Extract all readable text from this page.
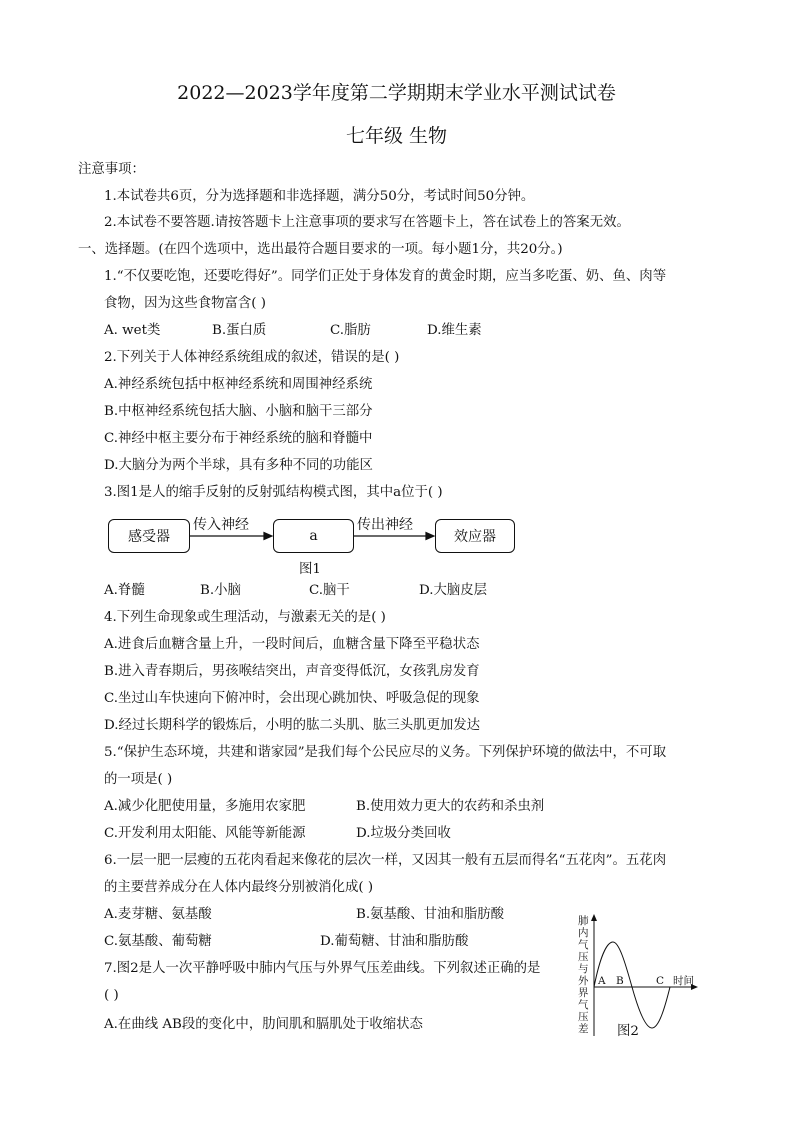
2022—2023学年度第二学期期末学业水平测试试卷
七年级 生物
注意事项：
1.本试卷共6页，分为选择题和非选择题，满分50分，考试时间50分钟。
2.本试卷不要答题.请按答题卡上注意事项的要求写在答题卡上，答在试卷上的答案无效。
一、选择题。(在四个选项中，选出最符合题目要求的一项。每小题1分，共20分。)
1.“不仅要吃饱，还要吃得好”。同学们正处于身体发育的黄金时期，应当多吃蛋、奶、鱼、肉等
食物，因为这些食物富含( )
A. wet类	B.蛋白质	C.脂肪	D.维生素
2.下列关于人体神经系统组成的叙述，错误的是( )
A.神经系统包括中枢神经系统和周围神经系统
B.中枢神经系统包括大脑、小脑和脑干三部分
C.神经中枢主要分布于神经系统的脑和脊髓中
D.大脑分为两个半球，具有多种不同的功能区
3.图1是人的缩手反射的反射弧结构模式图，其中a位于( )
感受器	a	效应器
传入神经	传出神经
图1
A.脊髓	B.小脑	C.脑干	D.大脑皮层
4.下列生命现象或生理活动，与激素无关的是( )
A.进食后血糖含量上升，一段时间后，血糖含量下降至平稳状态
B.进入青春期后，男孩喉结突出，声音变得低沉，女孩乳房发育
C.坐过山车快速向下俯冲时，会出现心跳加快、呼吸急促的现象
D.经过长期科学的锻炼后，小明的肱二头肌、肱三头肌更加发达
5.“保护生态环境，共建和谐家园”是我们每个公民应尽的义务。下列保护环境的做法中，不可取
的一项是( )
A.减少化肥使用量，多施用农家肥	B.使用效力更大的农药和杀虫剂
C.开发利用太阳能、风能等新能源	D.垃圾分类回收
6.一层一肥一层瘦的五花肉看起来像花的层次一样，又因其一般有五层而得名“五花肉”。五花肉
的主要营养成分在人体内最终分别被消化成( )
A.麦芽糖、氨基酸	B.氨基酸、甘油和脂肪酸
C.氨基酸、葡萄糖	D.葡萄糖、甘油和脂肪酸
7.图2是人一次平静呼吸中肺内气压与外界气压差曲线。下列叙述正确的是
( )
A.在曲线 AB段的变化中，肋间肌和膈肌处于收缩状态
肺
内
气
压
与
外
界
气
压
差
A B	C 时间
图2
